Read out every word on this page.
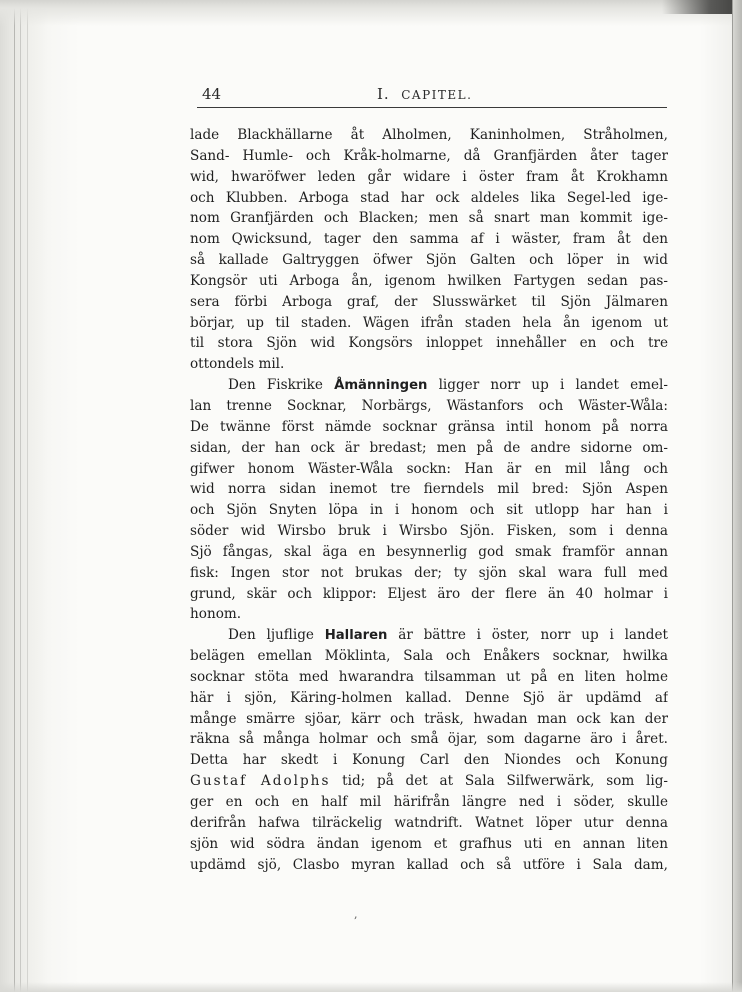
44	I. CAPITEL.
lade Blackhällarne åt Alholmen, Kaninholmen, Stråholmen,
Sand- Humle- och Kråk-holmarne, då Granfjärden åter tager
wid, hwaröfwer leden går widare i öster fram åt Krokhamn
och Klubben. Arboga stad har ock aldeles lika Segel-led ige-
nom Granfjärden och Blacken; men så snart man kommit ige-
nom Qwicksund, tager den samma af i wäster, fram åt den
så kallade Galtryggen öfwer Sjön Galten och löper in wid
Kongsör uti Arboga ån, igenom hwilken Fartygen sedan pas-
sera förbi Arboga graf, der Slusswärket til Sjön Jälmaren
börjar, up til staden. Wägen ifrån staden hela ån igenom ut
til stora Sjön wid Kongsörs inloppet innehåller en och tre
ottondels mil.
Den Fiskrike Åmänningen ligger norr up i landet emel-
lan trenne Socknar, Norbärgs, Wästanfors och Wäster-Wåla:
De twänne först nämde socknar gränsa intil honom på norra
sidan, der han ock är bredast; men på de andre sidorne om-
gifwer honom Wäster-Wåla sockn: Han är en mil lång och
wid norra sidan inemot tre fierndels mil bred: Sjön Aspen
och Sjön Snyten löpa in i honom och sit utlopp har han i
söder wid Wirsbo bruk i Wirsbo Sjön. Fisken, som i denna
Sjö fångas, skal äga en besynnerlig god smak framför annan
fisk: Ingen stor not brukas der; ty sjön skal wara full med
grund, skär och klippor: Eljest äro der flere än 40 holmar i
honom.
Den ljuflige Hallaren är bättre i öster, norr up i landet
belägen emellan Möklinta, Sala och Enåkers socknar, hwilka
socknar stöta med hwarandra tilsamman ut på en liten holme
här i sjön, Käring-holmen kallad. Denne Sjö är updämd af
månge smärre sjöar, kärr och träsk, hwadan man ock kan der
räkna så många holmar och små öjar, som dagarne äro i året.
Detta har skedt i Konung Carl den Niondes och Konung
Gustaf Adolphs tid; på det at Sala Silfwerwärk, som lig-
ger en och en half mil härifrån längre ned i söder, skulle
derifrån hafwa tilräckelig watndrift. Watnet löper utur denna
sjön wid södra ändan igenom et grafhus uti en annan liten
updämd sjö, Clasbo myran kallad och så utföre i Sala dam,
,
